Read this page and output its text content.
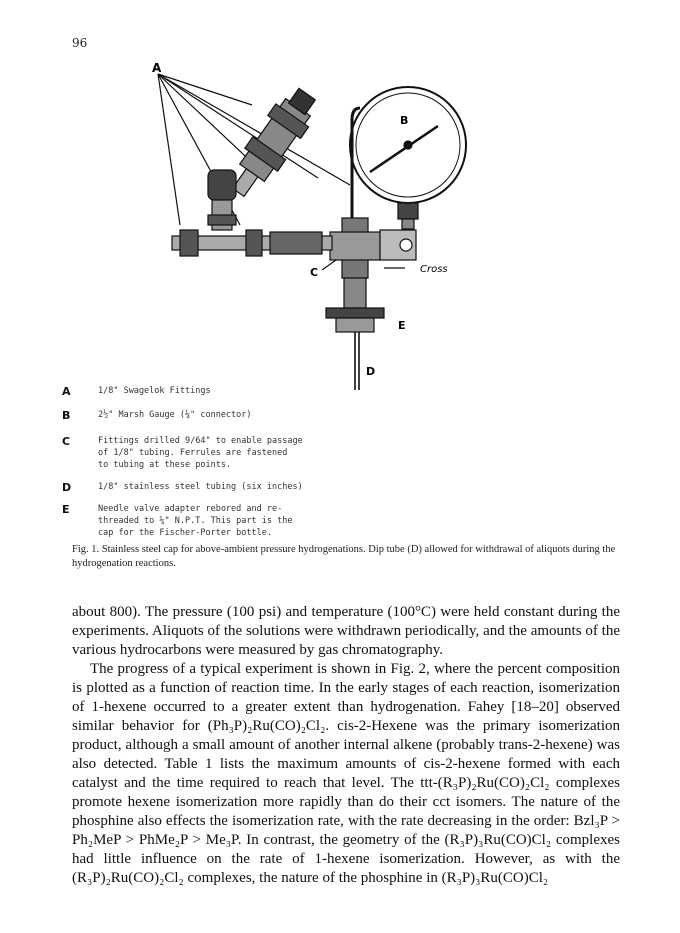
96
A
B
C
E
D
Cross
A	1/8" Swagelok Fittings
B	2½" Marsh Gauge (¼" connector)
C	Fittings drilled 9/64" to enable passage
of 1/8" tubing. Ferrules are fastened
to tubing at these points.
D	1/8" stainless steel tubing (six inches)
E	Needle valve adapter rebored and re-
threaded to ¼" N.P.T. This part is the
cap for the Fischer-Porter bottle.
Fig. 1. Stainless steel cap for above-ambient pressure hydrogenations. Dip tube (D) allowed for withdrawal of aliquots during the hydrogenation reactions.

about 800). The pressure (100 psi) and temperature (100°C) were held constant during the experiments. Aliquots of the solutions were withdrawn periodically, and the amounts of the various hydrocarbons were measured by gas chromatography.

The progress of a typical experiment is shown in Fig. 2, where the percent composition is plotted as a function of reaction time. In the early stages of each reaction, isomerization of 1-hexene occurred to a greater extent than hydrogenation. Fahey [18–20] observed similar behavior for (Ph₃P)₂Ru(CO)₂Cl₂. cis-2-Hexene was the primary isomerization product, although a small amount of another internal alkene (probably trans-2-hexene) was also detected. Table 1 lists the maximum amounts of cis-2-hexene formed with each catalyst and the time required to reach that level. The ttt-(R₃P)₂Ru(CO)₂Cl₂ complexes promote hexene isomerization more rapidly than do their cct isomers. The nature of the phosphine also effects the isomerization rate, with the rate decreasing in the order: Bzl₃P > Ph₂MeP > PhMe₂P > Me₃P. In contrast, the geometry of the (R₃P)₃Ru(CO)Cl₂ complexes had little influence on the rate of 1-hexene isomerization. However, as with the (R₃P)₂Ru(CO)₂Cl₂ complexes, the nature of the phosphine in (R₃P)₃Ru(CO)Cl₂
